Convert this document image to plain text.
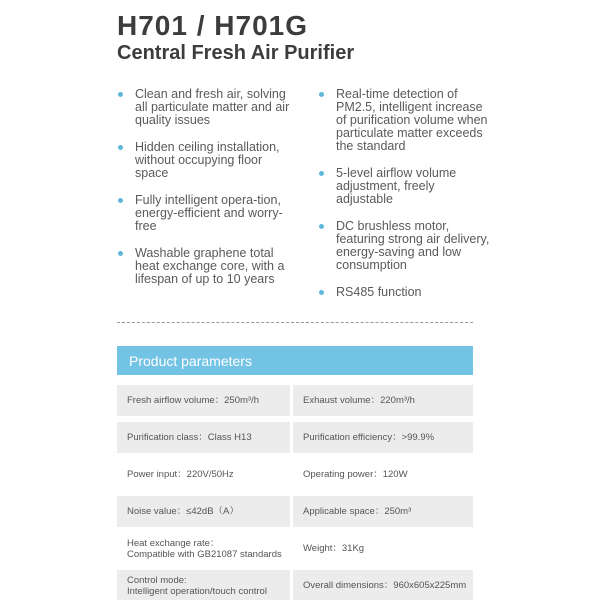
H701 / H701G
Central Fresh Air Purifier
Clean and fresh air, solving all particulate matter and air quality issues
Hidden ceiling installation, without occupying floor space
Fully intelligent opera-tion, energy-efficient and worry-free
Washable graphene total heat exchange core, with a lifespan of up to 10 years
Real-time detection of PM2.5, intelligent increase of purification volume when particulate matter exceeds the standard
5-level airflow volume adjustment, freely adjustable
DC brushless motor, featuring strong air delivery, energy-saving and low consumption
RS485 function
Product parameters
Fresh airflow volume：250m³/h	Exhaust volume：220m³/h
Purification class：Class H13	Purification efficiency：>99.9%
Power input：220V/50Hz	Operating power：120W
Noise value：≤42dB（A）	Applicable space：250m³
Heat exchange rate：
Compatible with GB21087 standards	Weight：31Kg
Control mode:
Intelligent operation/touch control	Overall dimensions：960x605x225mm
